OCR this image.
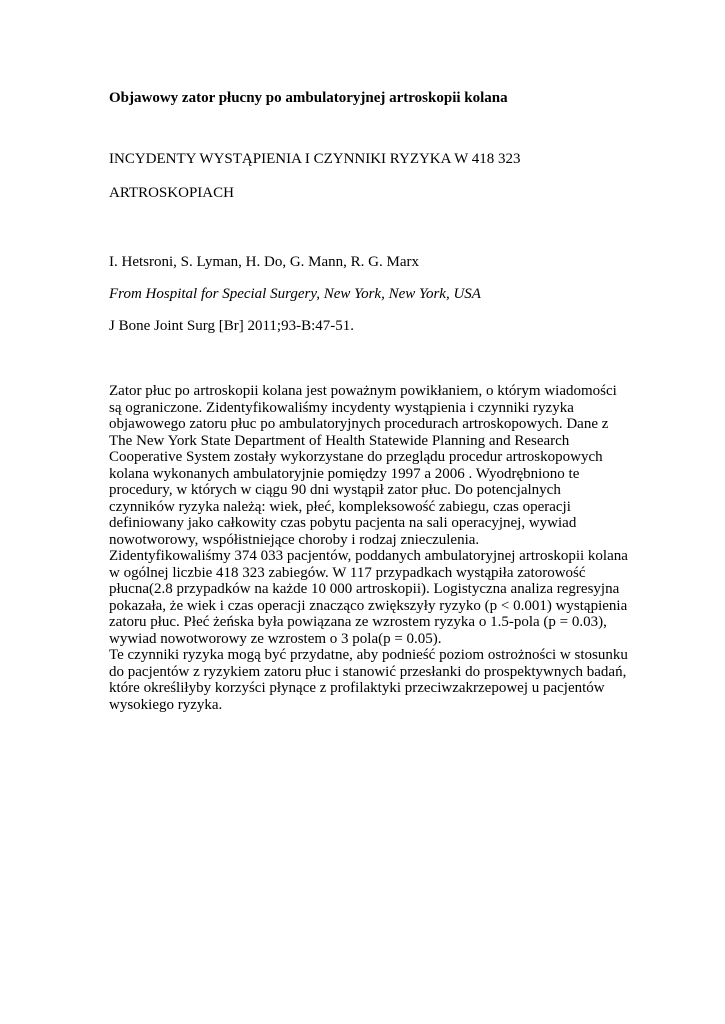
Objawowy zator płucny po ambulatoryjnej artroskopii kolana

INCYDENTY WYSTĄPIENIA I CZYNNIKI RYZYKA W 418 323

ARTROSKOPIACH

I. Hetsroni, S. Lyman, H. Do, G. Mann, R. G. Marx

From Hospital for Special Surgery, New York, New York, USA

J Bone Joint Surg [Br] 2011;93-B:47-51.

Zator płuc po artroskopii kolana jest poważnym powikłaniem, o którym wiadomości
są ograniczone. Zidentyfikowaliśmy incydenty wystąpienia i czynniki ryzyka
objawowego zatoru płuc po ambulatoryjnych procedurach artroskopowych. Dane z
The New York State Department of Health Statewide Planning and Research
Cooperative System zostały wykorzystane do przeglądu procedur artroskopowych
kolana wykonanych ambulatoryjnie pomiędzy 1997 a 2006 . Wyodrębniono te
procedury, w których w ciągu 90 dni wystąpił zator płuc. Do potencjalnych
czynników ryzyka należą: wiek, płeć, kompleksowość zabiegu, czas operacji
definiowany jako całkowity czas pobytu pacjenta na sali operacyjnej, wywiad
nowotworowy, współistniejące choroby i rodzaj znieczulenia.
Zidentyfikowaliśmy 374 033 pacjentów, poddanych ambulatoryjnej artroskopii kolana
w ogólnej liczbie 418 323 zabiegów. W 117 przypadkach wystąpiła zatorowość
płucna(2.8 przypadków na każde 10 000 artroskopii). Logistyczna analiza regresyjna
pokazała, że wiek i czas operacji znacząco zwiększyły ryzyko (p < 0.001) wystąpienia
zatoru płuc. Płeć żeńska była powiązana ze wzrostem ryzyka o 1.5-pola (p = 0.03),
wywiad nowotworowy ze wzrostem o 3 pola(p = 0.05).
Te czynniki ryzyka mogą być przydatne, aby podnieść poziom ostrożności w stosunku
do pacjentów z ryzykiem zatoru płuc i stanowić przesłanki do prospektywnych badań,
które określiłyby korzyści płynące z profilaktyki przeciwzakrzepowej u pacjentów
wysokiego ryzyka.
